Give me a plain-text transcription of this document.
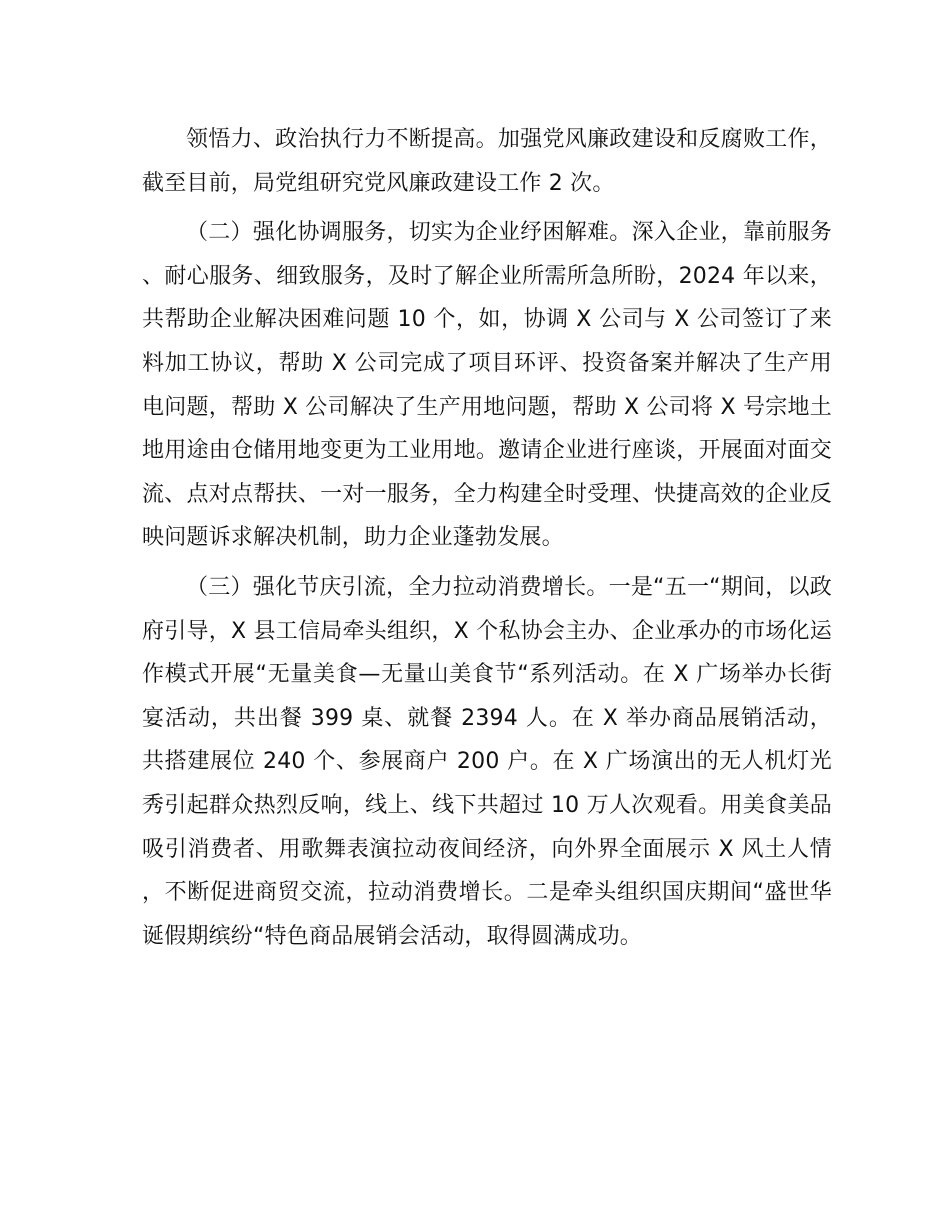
领悟力、政治执行力不断提高。加强党风廉政建设和反腐败工作，截至目前，局党组研究党风廉政建设工作 2 次。

（二）强化协调服务，切实为企业纾困解难。深入企业，靠前服务、耐心服务、细致服务，及时了解企业所需所急所盼，2024 年以来，共帮助企业解决困难问题 10 个，如，协调 X 公司与 X 公司签订了来料加工协议，帮助 X 公司完成了项目环评、投资备案并解决了生产用电问题，帮助 X 公司解决了生产用地问题，帮助 X 公司将 X 号宗地土地用途由仓储用地变更为工业用地。邀请企业进行座谈，开展面对面交流、点对点帮扶、一对一服务，全力构建全时受理、快捷高效的企业反映问题诉求解决机制，助力企业蓬勃发展。

（三）强化节庆引流，全力拉动消费增长。一是“五一“期间，以政府引导，X 县工信局牵头组织，X 个私协会主办、企业承办的市场化运作模式开展“无量美食—无量山美食节“系列活动。在 X 广场举办长街宴活动，共出餐 399 桌、就餐 2394 人。在 X 举办商品展销活动，共搭建展位 240 个、参展商户 200 户。在 X 广场演出的无人机灯光秀引起群众热烈反响，线上、线下共超过 10 万人次观看。用美食美品吸引消费者、用歌舞表演拉动夜间经济，向外界全面展示 X 风土人情，不断促进商贸交流，拉动消费增长。二是牵头组织国庆期间“盛世华诞假期缤纷“特色商品展销会活动，取得圆满成功。
